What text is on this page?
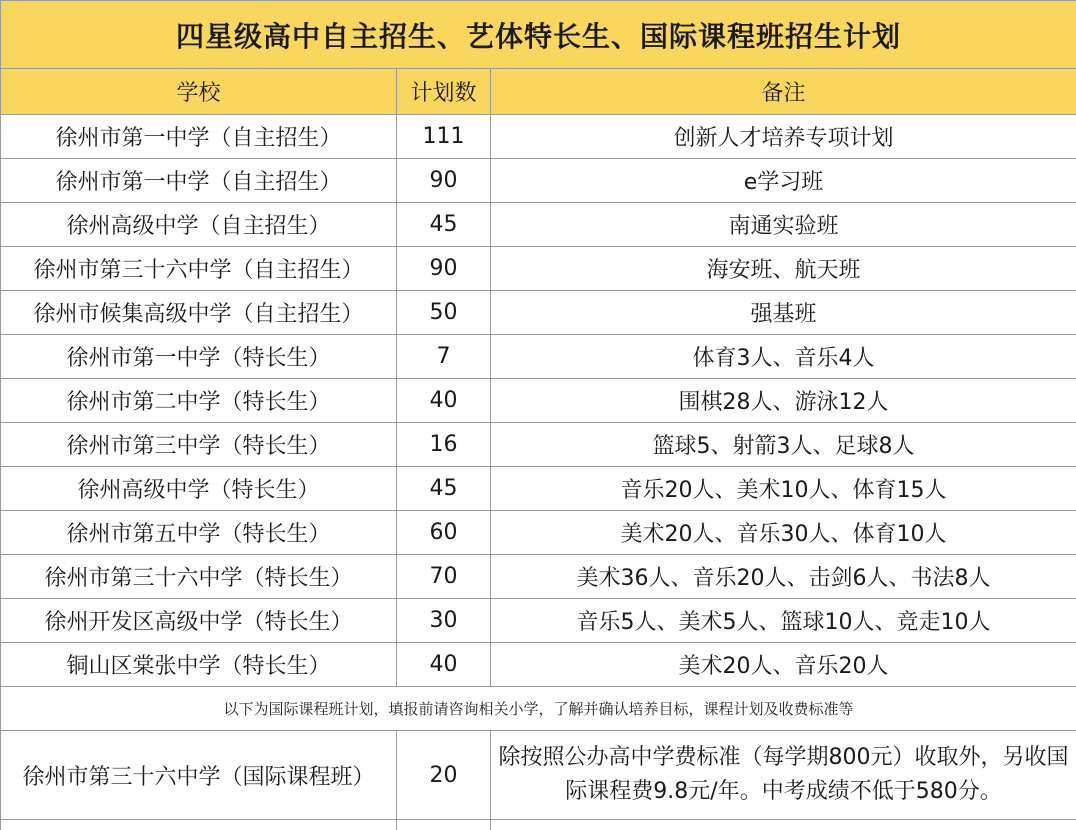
四星级高中自主招生、艺体特长生、国际课程班招生计划		
学校	计划数	备注
徐州市第一中学（自主招生）	111	创新人才培养专项计划
徐州市第一中学（自主招生）	90	e学习班
徐州高级中学（自主招生）	45	南通实验班
徐州市第三十六中学（自主招生）	90	海安班、航天班
徐州市候集高级中学（自主招生）	50	强基班
徐州市第一中学（特长生）	7	体育3人、音乐4人
徐州市第二中学（特长生）	40	围棋28人、游泳12人
徐州市第三中学（特长生）	16	篮球5、射箭3人、足球8人
徐州高级中学（特长生）	45	音乐20人、美术10人、体育15人
徐州市第五中学（特长生）	60	美术20人、音乐30人、体育10人
徐州市第三十六中学（特长生）	70	美术36人、音乐20人、击剑6人、书法8人
徐州开发区高级中学（特长生）	30	音乐5人、美术5人、篮球10人、竞走10人
铜山区棠张中学（特长生）	40	美术20人、音乐20人
以下为国际课程班计划，填报前请咨询相关小学，了解并确认培养目标，课程计划及收费标准等		
徐州市第三十六中学（国际课程班）	20	除按照公办高中学费标准（每学期800元）收取外，另收国际课程费9.8元/年。中考成绩不低于580分。
